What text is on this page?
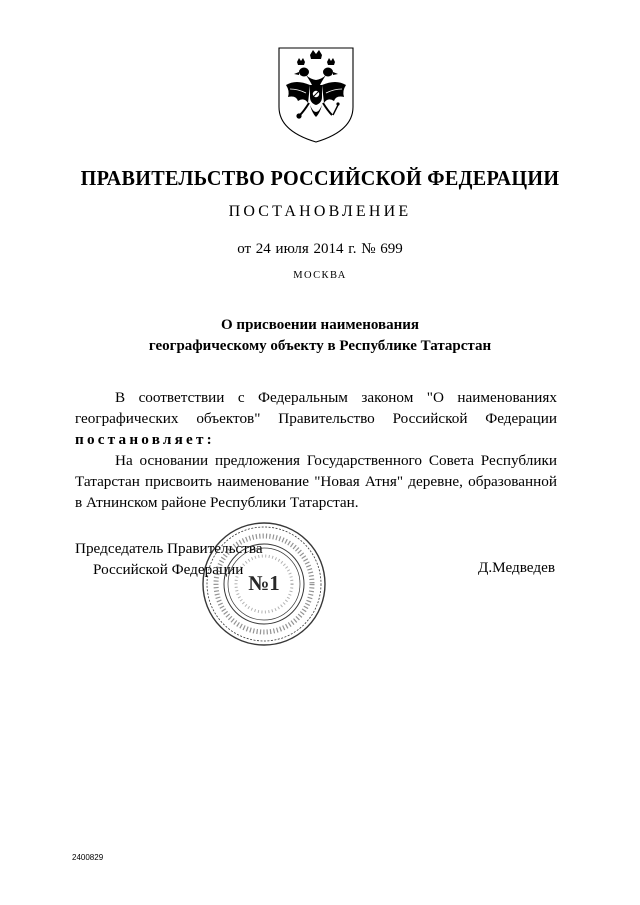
ПРАВИТЕЛЬСТВО РОССИЙСКОЙ ФЕДЕРАЦИИ
ПОСТАНОВЛЕНИЕ
от 24 июля 2014 г. № 699
МОСКВА
О присвоении наименования
географическому объекту в Республике Татарстан

В соответствии с Федеральным законом "О наименованиях

географических объектов" Правительство Российской Федерации

постановляет:

На основании предложения Государственного Совета Республики Татарстан присвоить наименование "Новая Атня" деревне, образованной в Атнинском районе Республики Татарстан.

Председатель Правительства
Российской Федерации	Д.Медведев
№1
2400829
